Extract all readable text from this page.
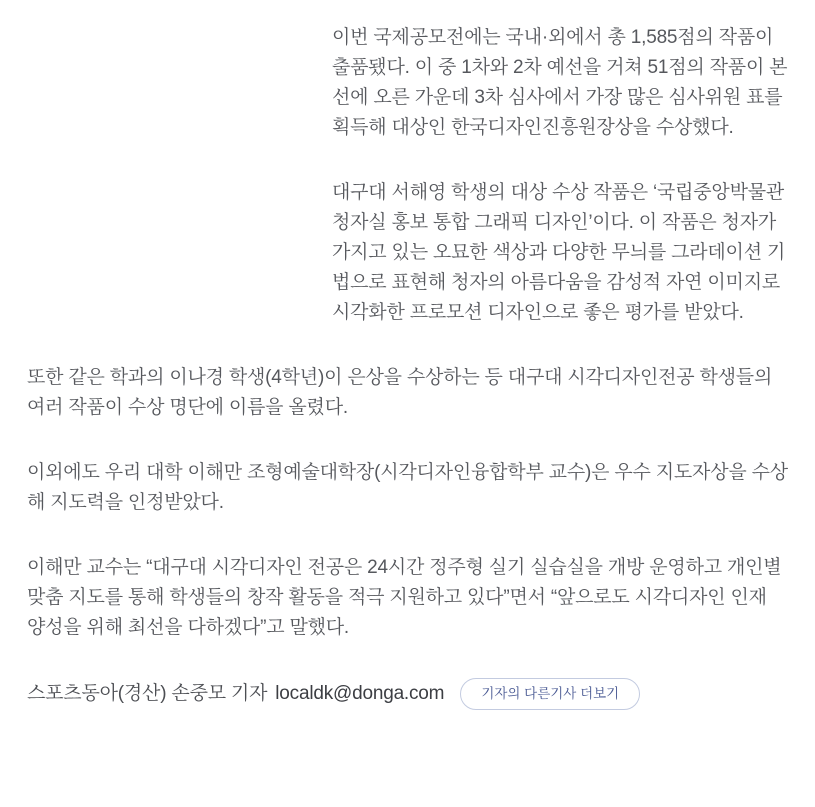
이번 국제공모전에는 국내·외에서 총 1,585점의 작품이 출품됐다. 이 중 1차와 2차 예선을 거쳐 51점의 작품이 본선에 오른 가운데 3차 심사에서 가장 많은 심사위원 표를 획득해 대상인 한국디자인진흥원장상을 수상했다.

대구대 서해영 학생의 대상 수상 작품은 ‘국립중앙박물관 청자실 홍보 통합 그래픽 디자인’이다. 이 작품은 청자가 가지고 있는 오묘한 색상과 다양한 무늬를 그라데이션 기법으로 표현해 청자의 아름다움을 감성적 자연 이미지로 시각화한 프로모션 디자인으로 좋은 평가를 받았다.

또한 같은 학과의 이나경 학생(4학년)이 은상을 수상하는 등 대구대 시각디자인전공 학생들의 여러 작품이 수상 명단에 이름을 올렸다.

이외에도 우리 대학 이해만 조형예술대학장(시각디자인융합학부 교수)은 우수 지도자상을 수상해 지도력을 인정받았다.

이해만 교수는 “대구대 시각디자인 전공은 24시간 정주형 실기 실습실을 개방 운영하고 개인별 맞춤 지도를 통해 학생들의 창작 활동을 적극 지원하고 있다”면서 “앞으로도 시각디자인 인재 양성을 위해 최선을 다하겠다”고 말했다.

스포츠동아(경산) 손중모 기자 localdk@donga.com	기자의 다른기사 더보기
